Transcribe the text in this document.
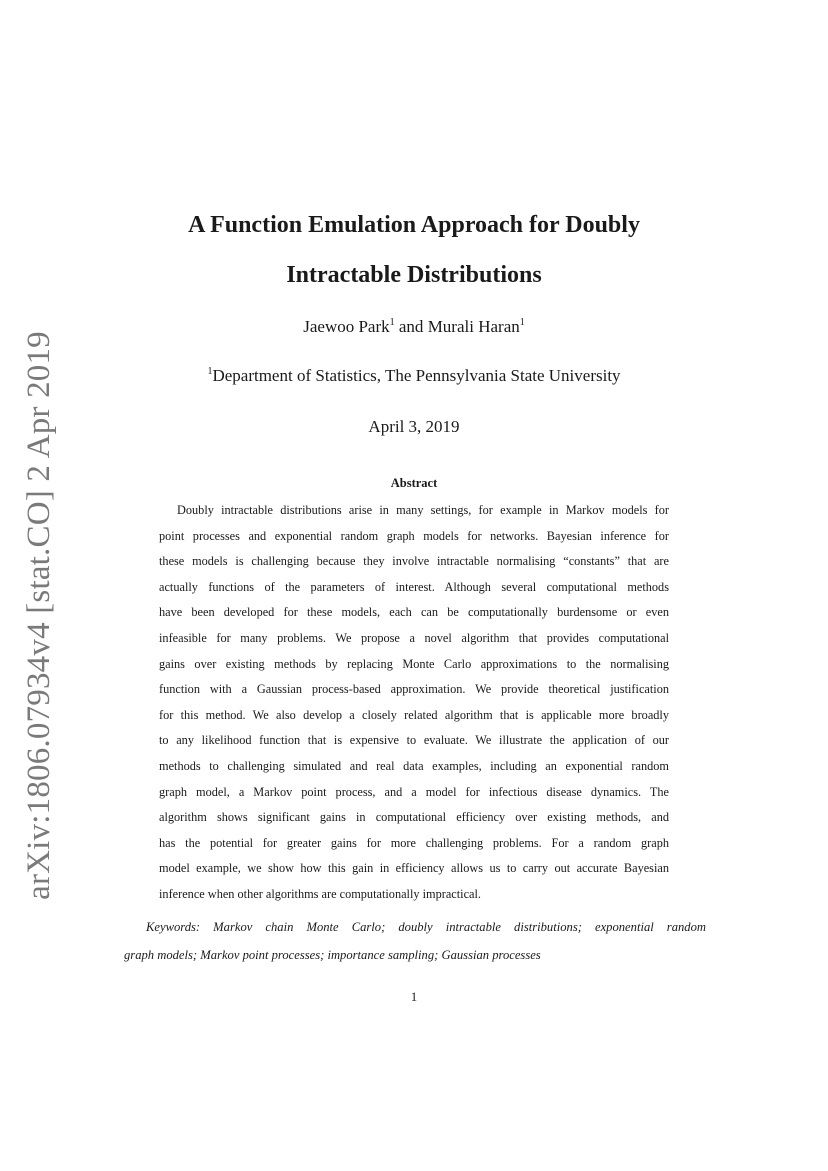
arXiv:1806.07934v4 [stat.CO] 2 Apr 2019
A Function Emulation Approach for Doubly
Intractable Distributions
Jaewoo Park$^1$ and Murali Haran$^1$
$^1$Department of Statistics, The Pennsylvania State University
April 3, 2019
Abstract
Doubly intractable distributions arise in many settings, for example in Markov models for
point processes and exponential random graph models for networks. Bayesian inference for
these models is challenging because they involve intractable normalising “constants” that are
actually functions of the parameters of interest. Although several computational methods
have been developed for these models, each can be computationally burdensome or even
infeasible for many problems. We propose a novel algorithm that provides computational
gains over existing methods by replacing Monte Carlo approximations to the normalising
function with a Gaussian process-based approximation. We provide theoretical justification
for this method. We also develop a closely related algorithm that is applicable more broadly
to any likelihood function that is expensive to evaluate. We illustrate the application of our
methods to challenging simulated and real data examples, including an exponential random
graph model, a Markov point process, and a model for infectious disease dynamics. The
algorithm shows significant gains in computational efficiency over existing methods, and
has the potential for greater gains for more challenging problems. For a random graph
model example, we show how this gain in efficiency allows us to carry out accurate Bayesian
inference when other algorithms are computationally impractical.
Keywords: Markov chain Monte Carlo; doubly intractable distributions; exponential random
graph models; Markov point processes; importance sampling; Gaussian processes
1
